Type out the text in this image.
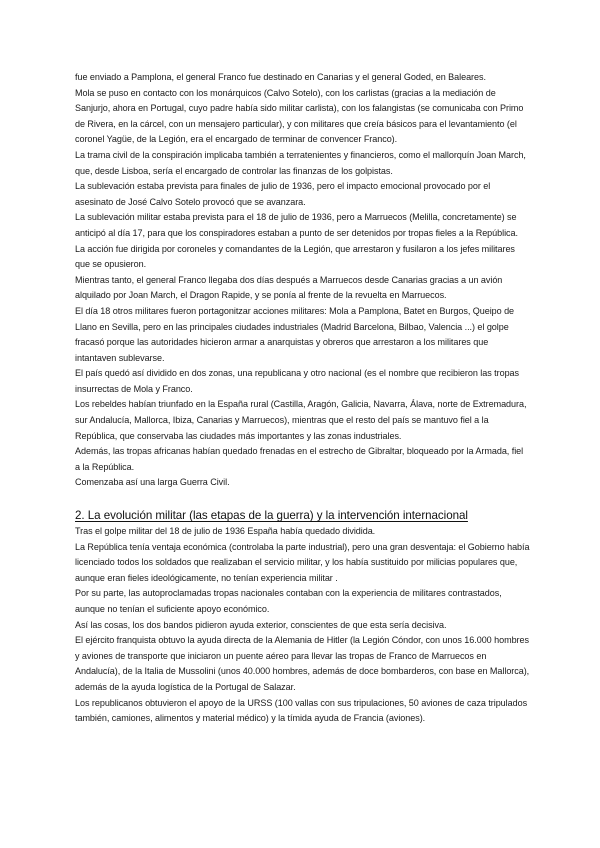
fue enviado a Pamplona, el general Franco fue destinado en Canarias y el general Goded, en Baleares.

Mola se puso en contacto con los monárquicos (Calvo Sotelo), con los carlistas (gracias a la mediación de Sanjurjo, ahora en Portugal, cuyo padre había sido militar carlista), con los falangistas (se comunicaba con Primo de Rivera, en la cárcel, con un mensajero particular), y con militares que creía básicos para el levantamiento (el coronel Yagüe, de la Legión, era el encargado de terminar de convencer Franco).

La trama civil de la conspiración implicaba también a terratenientes y financieros, como el mallorquín Joan March, que, desde Lisboa, sería el encargado de controlar las finanzas de los golpistas.

La sublevación estaba prevista para finales de julio de 1936, pero el impacto emocional provocado por el asesinato de José Calvo Sotelo provocó que se avanzara.

La sublevación militar estaba prevista para el 18 de julio de 1936, pero a Marruecos (Melilla, concretamente) se anticipó al día 17, para que los conspiradores estaban a punto de ser detenidos por tropas fieles a la República.

La acción fue dirigida por coroneles y comandantes de la Legión, que arrestaron y fusilaron a los jefes militares que se opusieron.

Mientras tanto, el general Franco llegaba dos días después a Marruecos desde Canarias gracias a un avión alquilado por Joan March, el Dragon Rapide, y se ponía al frente de la revuelta en Marruecos.

El día 18 otros militares fueron portagonitzar acciones militares: Mola a Pamplona, Batet en Burgos, Queipo de Llano en Sevilla, pero en las principales ciudades industriales (Madrid Barcelona, Bilbao, Valencia ...) el golpe fracasó porque las autoridades hicieron armar a anarquistas y obreros que arrestaron a los militares que intantaven sublevarse.

El país quedó así dividido en dos zonas, una republicana y otro nacional (es el nombre que recibieron las tropas insurrectas de Mola y Franco.

Los rebeldes habían triunfado en la España rural (Castilla, Aragón, Galicia, Navarra, Álava, norte de Extremadura, sur Andalucía, Mallorca, Ibiza, Canarias y Marruecos), mientras que el resto del país se mantuvo fiel a la República, que conservaba las ciudades más importantes y las zonas industriales.

Además, las tropas africanas habían quedado frenadas en el estrecho de Gibraltar, bloqueado por la Armada, fiel a la República.

Comenzaba así una larga Guerra Civil.

2. La evolución militar (las etapas de la guerra) y la intervención internacional

Tras el golpe militar del 18 de julio de 1936 España había quedado dividida.

La República tenía ventaja económica (controlaba la parte industrial), pero una gran desventaja: el Gobierno había licenciado todos los soldados que realizaban el servicio militar, y los había sustituido por milicias populares que, aunque eran fieles ideológicamente, no tenían experiencia militar .

Por su parte, las autoproclamadas tropas nacionales contaban con la experiencia de militares contrastados, aunque no tenían el suficiente apoyo económico.

Así las cosas, los dos bandos pidieron ayuda exterior, conscientes de que esta sería decisiva.

El ejército franquista obtuvo la ayuda directa de la Alemania de Hitler (la Legión Cóndor, con unos 16.000 hombres y aviones de transporte que iniciaron un puente aéreo para llevar las tropas de Franco de Marruecos en Andalucía), de la Italia de Mussolini (unos 40.000 hombres, además de doce bombarderos, con base en Mallorca), además de la ayuda logística de la Portugal de Salazar.

Los republicanos obtuvieron el apoyo de la URSS (100 vallas con sus tripulaciones, 50 aviones de caza tripulados también, camiones, alimentos y material médico) y la tímida ayuda de Francia (aviones).
